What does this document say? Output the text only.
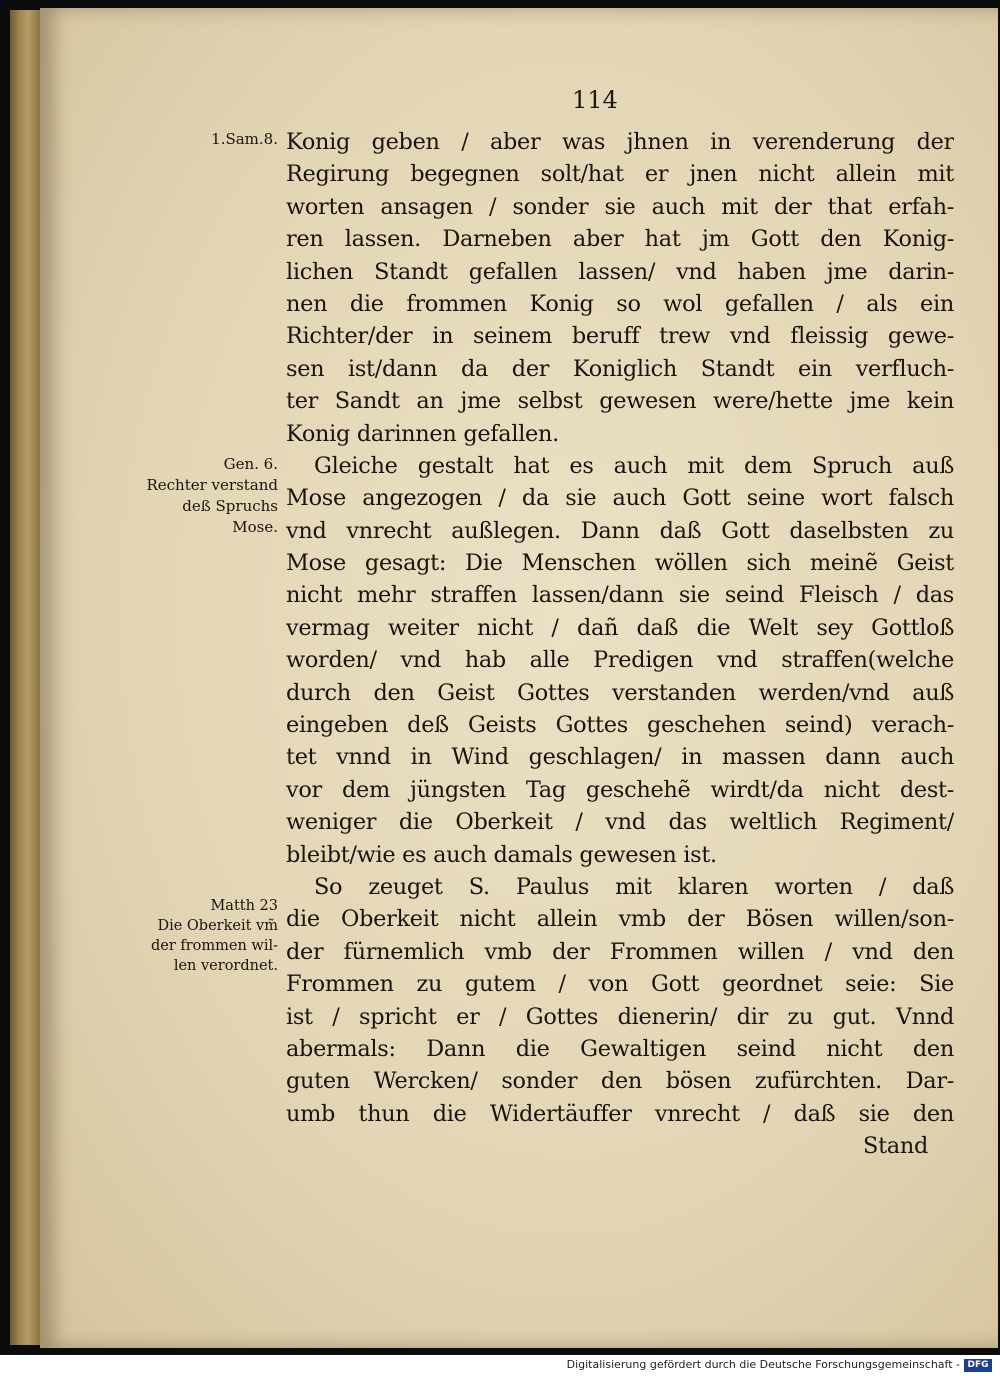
114
1.Sam.8.
Gen. 6.
Rechter verstand
deß Spruchs
Mose.
Matth 23
Die Oberkeit vm̃
der frommen wil-
len verordnet.
Konig geben / aber was jhnen in verenderung der
Regirung begegnen solt/hat er jnen nicht allein mit
worten ansagen / sonder sie auch mit der that erfah-
ren lassen. Darneben aber hat jm Gott den Konig-
lichen Standt gefallen lassen/ vnd haben jme darin-
nen die frommen Konig so wol gefallen / als ein
Richter/der in seinem beruff trew vnd fleissig gewe-
sen ist/dann da der Koniglich Standt ein verfluch-
ter Sandt an jme selbst gewesen were/hette jme kein
Konig darinnen gefallen.
Gleiche gestalt hat es auch mit dem Spruch auß
Mose angezogen / da sie auch Gott seine wort falsch
vnd vnrecht außlegen. Dann daß Gott daselbsten zu
Mose gesagt: Die Menschen wöllen sich meinẽ Geist
nicht mehr straffen lassen/dann sie seind Fleisch / das
vermag weiter nicht / dañ daß die Welt sey Gottloß
worden/ vnd hab alle Predigen vnd straffen(welche
durch den Geist Gottes verstanden werden/vnd auß
eingeben deß Geists Gottes geschehen seind) verach-
tet vnnd in Wind geschlagen/ in massen dann auch
vor dem jüngsten Tag geschehẽ wirdt/da nicht dest-
weniger die Oberkeit / vnd das weltlich Regiment/
bleibt/wie es auch damals gewesen ist.
So zeuget S. Paulus mit klaren worten / daß
die Oberkeit nicht allein vmb der Bösen willen/son-
der fürnemlich vmb der Frommen willen / vnd den
Frommen zu gutem / von Gott geordnet seie: Sie
ist / spricht er / Gottes dienerin/ dir zu gut. Vnnd
abermals: Dann die Gewaltigen seind nicht den
guten Wercken/ sonder den bösen zufürchten. Dar-
umb thun die Widertäuffer vnrecht / daß sie den
Stand
Digitalisierung gefördert durch die Deutsche Forschungsgemeinschaft - DFG
